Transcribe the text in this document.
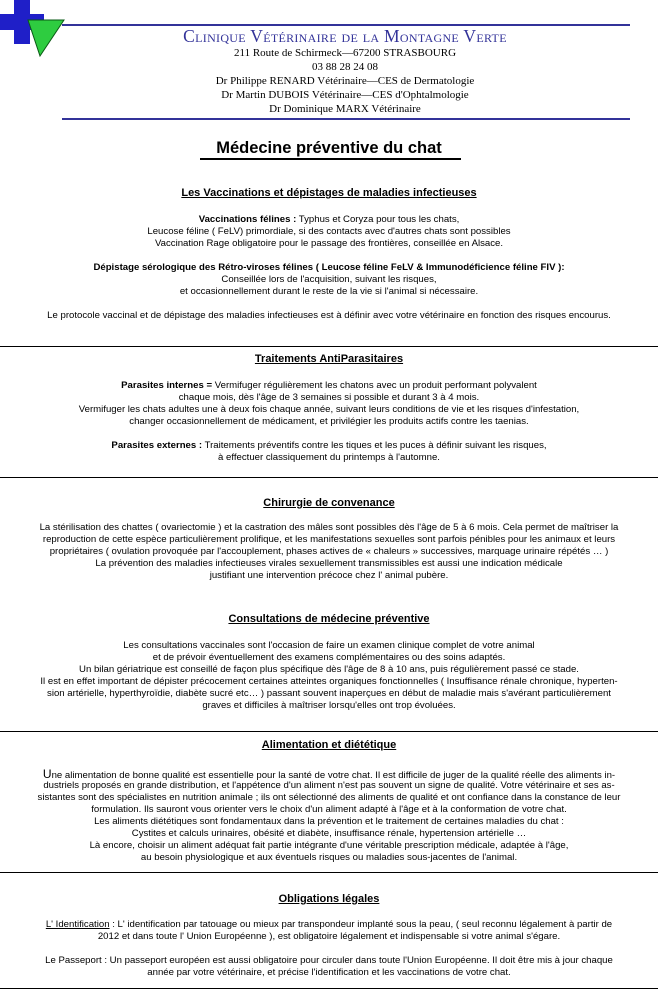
Clinique Vétérinaire de la Montagne Verte
211 Route de Schirmeck—67200 STRASBOURG
03 88 28 24 08
Dr Philippe RENARD Vétérinaire—CES de Dermatologie
Dr Martin DUBOIS Vétérinaire—CES d'Ophtalmologie
Dr Dominique MARX Vétérinaire
Médecine préventive du chat
Les Vaccinations et dépistages de maladies infectieuses
Vaccinations félines : Typhus et Coryza pour tous les chats,
Leucose féline ( FeLV) primordiale, si des contacts avec d'autres chats sont possibles
Vaccination Rage obligatoire pour le passage des frontières, conseillée en Alsace.
Dépistage sérologique des Rétro-viroses félines ( Leucose féline FeLV & Immunodéficience féline FIV ):
Conseillée lors de l'acquisition, suivant les risques,
et occasionnellement durant le reste de la vie si l'animal si nécessaire.
Le protocole vaccinal et de dépistage des maladies infectieuses est à définir avec votre vétérinaire en fonction des risques encourus.
Traitements AntiParasitaires
Parasites internes = Vermifuger régulièrement les chatons avec un produit performant polyvalent
chaque mois, dès l'âge de 3 semaines si possible et durant 3 à 4 mois.
Vermifuger les chats adultes une à deux fois chaque année, suivant leurs conditions de vie et les risques d'infestation,
changer occasionnellement de médicament, et privilégier les produits actifs contre les taenias.
Parasites externes : Traitements préventifs contre les tiques et les puces à définir suivant les risques,
à effectuer classiquement du printemps à l'automne.
Chirurgie de convenance
La stérilisation des chattes ( ovariectomie ) et la castration des mâles sont possibles dès l'âge de 5 à 6 mois. Cela permet de maîtriser la
reproduction de cette espèce particulièrement prolifique, et les manifestations sexuelles sont parfois pénibles pour les animaux et leurs
propriétaires ( ovulation provoquée par l'accouplement, phases actives de « chaleurs » successives, marquage urinaire répétés … )
La prévention des maladies infectieuses virales sexuellement transmissibles est aussi une indication médicale
justifiant une intervention précoce chez l' animal pubère.
Consultations de médecine préventive
Les consultations vaccinales sont l'occasion de faire un examen clinique complet de votre animal
et de prévoir éventuellement des examens complémentaires ou des soins adaptés.
Un bilan gériatrique est conseillé de façon plus spécifique dès l'âge de 8 à 10 ans, puis régulièrement passé ce stade.
Il est en effet important de dépister précocement certaines atteintes organiques fonctionnelles ( Insuffisance rénale chronique, hyperten-
sion artérielle, hyperthyroïdie, diabète sucré etc… ) passant souvent inaperçues en début de maladie mais s'avérant particulièrement
graves et difficiles à maîtriser lorsqu'elles ont trop évoluées.
Alimentation et diététique
Une alimentation de bonne qualité est essentielle pour la santé de votre chat. Il est difficile de juger de la qualité réelle des aliments in-
dustriels proposés en grande distribution, et l'appétence d'un aliment n'est pas souvent un signe de qualité. Votre vétérinaire et ses as-
sistantes sont des spécialistes en nutrition animale ; ils ont sélectionné des aliments de qualité et ont confiance dans la constance de leur
formulation. Ils sauront vous orienter vers le choix d'un aliment adapté à l'âge et à la conformation de votre chat.
Les aliments diététiques sont fondamentaux dans la prévention et le traitement de certaines maladies du chat :
Cystites et calculs urinaires, obésité et diabète, insuffisance rénale, hypertension artérielle …
Là encore, choisir un aliment adéquat fait partie intégrante d'une véritable prescription médicale, adaptée à l'âge,
au besoin physiologique et aux éventuels risques ou maladies sous-jacentes de l'animal.
Obligations légales
L' Identification : L' identification par tatouage ou mieux par transpondeur implanté sous la peau, ( seul reconnu légalement à partir de
2012 et dans toute l' Union Européenne ), est obligatoire légalement et indispensable si votre animal s'égare.
Le Passeport : Un passeport européen est aussi obligatoire pour circuler dans toute l'Union Européenne. Il doit être mis à jour chaque
année par votre vétérinaire, et précise l'identification et les vaccinations de votre chat.
